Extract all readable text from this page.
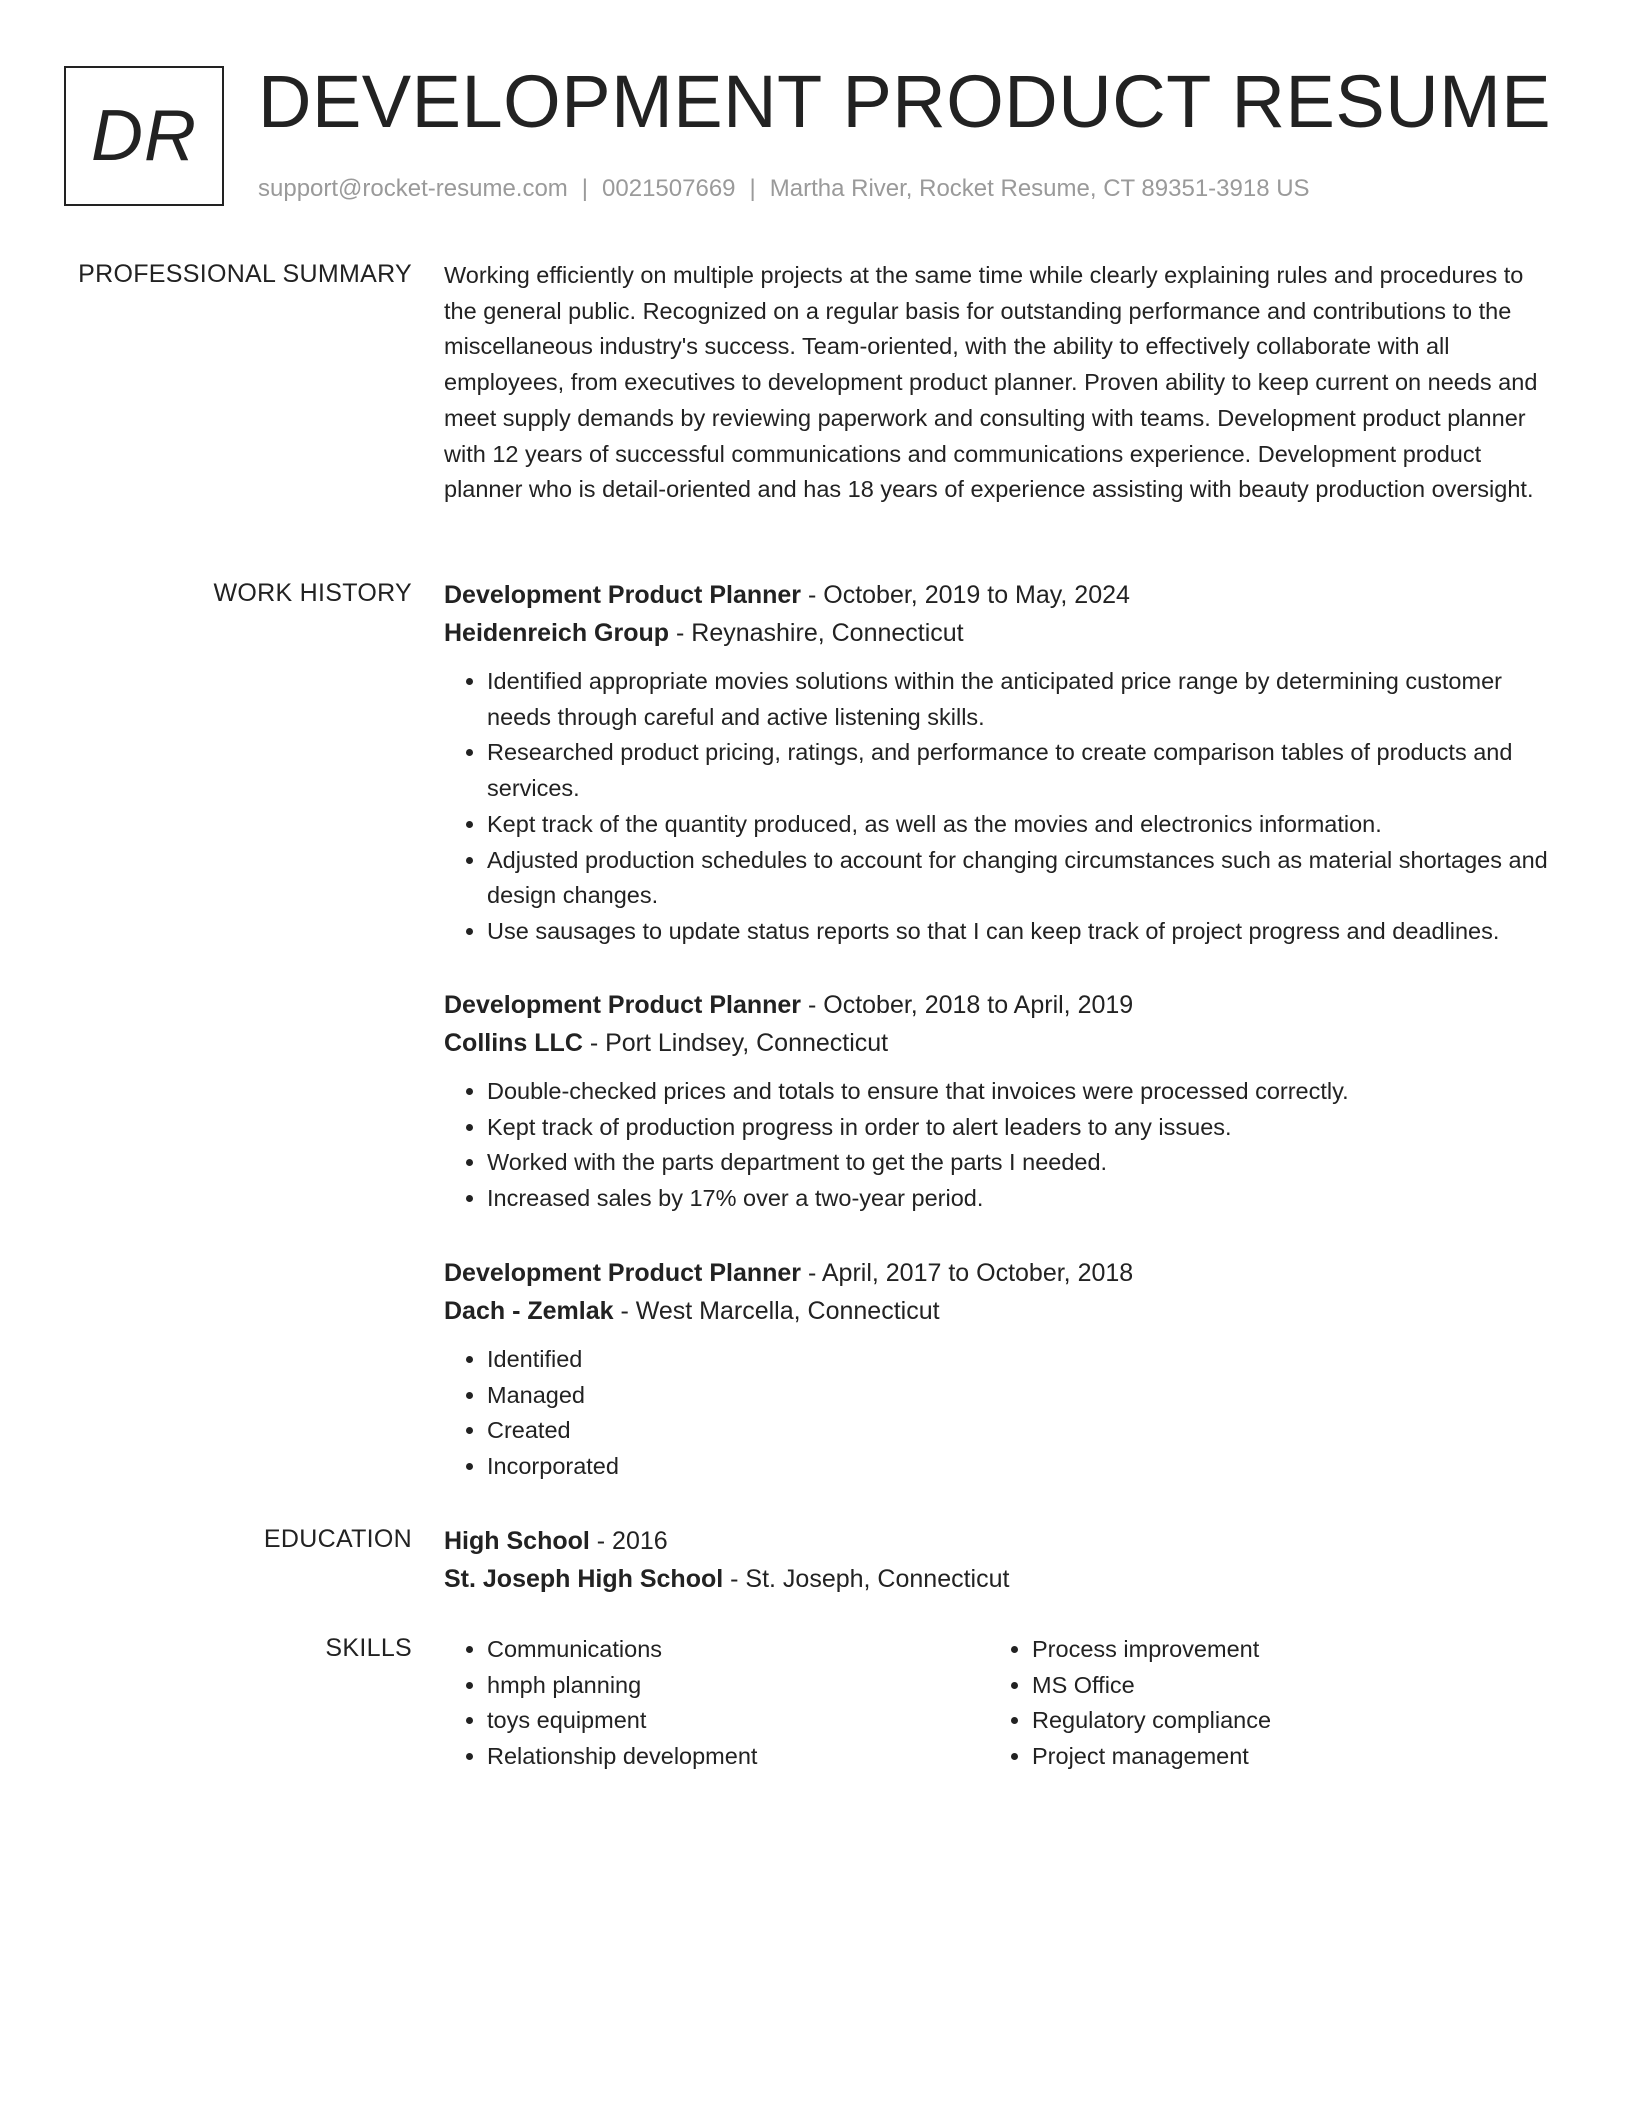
DR DEVELOPMENT PRODUCT RESUME
support@rocket-resume.com | 0021507669 | Martha River, Rocket Resume, CT 89351-3918 US
PROFESSIONAL SUMMARY Working efficiently on multiple projects at the same time while clearly explaining rules and procedures to the general public. Recognized on a regular basis for outstanding performance and contributions to the miscellaneous industry's success. Team-oriented, with the ability to effectively collaborate with all employees, from executives to development product planner. Proven ability to keep current on needs and meet supply demands by reviewing paperwork and consulting with teams. Development product planner with 12 years of successful communications and communications experience. Development product planner who is detail-oriented and has 18 years of experience assisting with beauty production oversight.

WORK HISTORY Development Product Planner - October, 2019 to May, 2024

Heidenreich Group - Reynashire, Connecticut

• Identified appropriate movies solutions within the anticipated price range by determining customer needs through careful and active listening skills.
• Researched product pricing, ratings, and performance to create comparison tables of products and services.
• Kept track of the quantity produced, as well as the movies and electronics information.
• Adjusted production schedules to account for changing circumstances such as material shortages and design changes.
• Use sausages to update status reports so that I can keep track of project progress and deadlines.

Development Product Planner - October, 2018 to April, 2019

Collins LLC - Port Lindsey, Connecticut

• Double-checked prices and totals to ensure that invoices were processed correctly.
• Kept track of production progress in order to alert leaders to any issues.
• Worked with the parts department to get the parts I needed.
• Increased sales by 17% over a two-year period.

Development Product Planner - April, 2017 to October, 2018

Dach - Zemlak - West Marcella, Connecticut

• Identified
• Managed
• Created
• Incorporated
EDUCATION High School - 2016

St. Joseph High School - St. Joseph, Connecticut

SKILLS
•	Communications
• hmph planning
• toys equipment
• Relationship development
• Process improvement
• MS Office
• Regulatory compliance
• Project management
